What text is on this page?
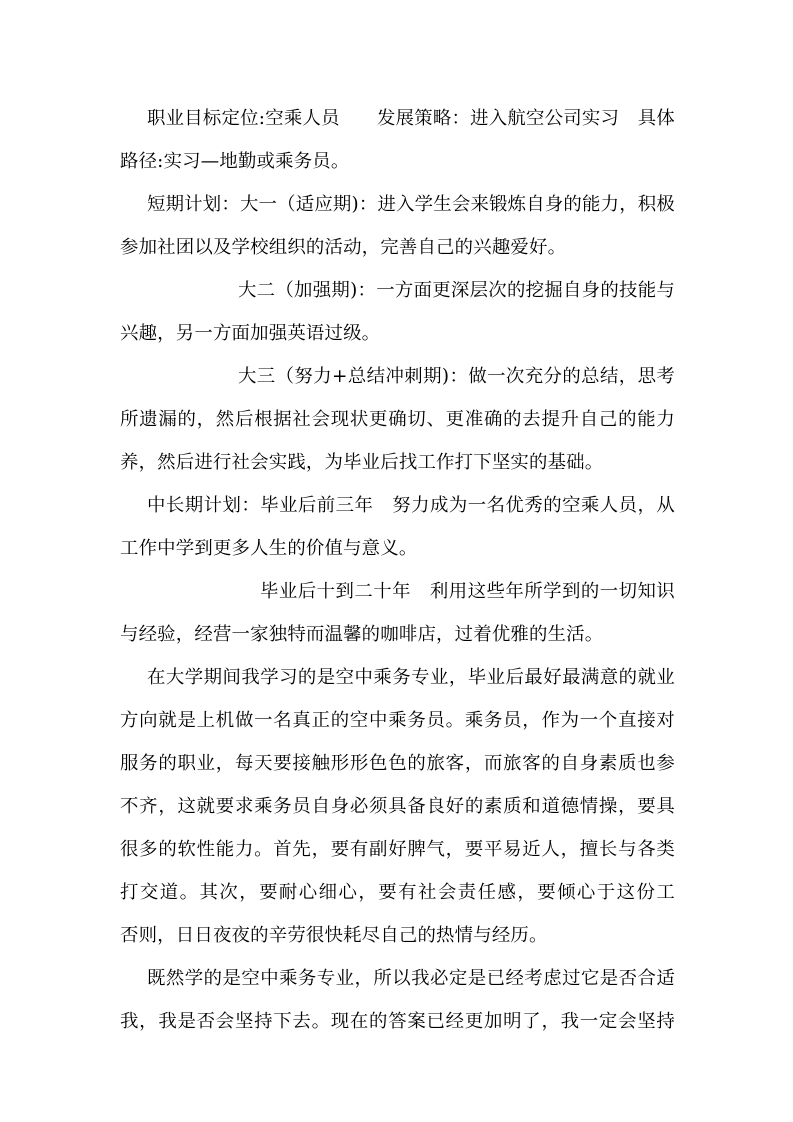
职业目标定位:空乘人员　　发展策略：进入航空公司实习　具体
路径:实习—地勤或乘务员。
短期计划：大一（适应期)：进入学生会来锻炼自身的能力，积极
参加社团以及学校组织的活动，完善自己的兴趣爱好。
大二（加强期)：一方面更深层次的挖掘自身的技能与
兴趣，另一方面加强英语过级。
大三（努力+总结冲刺期)：做一次充分的总结，思考
所遗漏的，然后根据社会现状更确切、更准确的去提升自己的能力
养，然后进行社会实践，为毕业后找工作打下坚实的基础。
中长期计划：毕业后前三年　努力成为一名优秀的空乘人员，从
工作中学到更多人生的价值与意义。
毕业后十到二十年　利用这些年所学到的一切知识
与经验，经营一家独特而温馨的咖啡店，过着优雅的生活。
在大学期间我学习的是空中乘务专业，毕业后最好最满意的就业
方向就是上机做一名真正的空中乘务员。乘务员，作为一个直接对
服务的职业，每天要接触形形色色的旅客，而旅客的自身素质也参
不齐，这就要求乘务员自身必须具备良好的素质和道德情操，要具
很多的软性能力。首先，要有副好脾气，要平易近人，擅长与各类
打交道。其次，要耐心细心，要有社会责任感，要倾心于这份工
否则，日日夜夜的辛劳很快耗尽自己的热情与经历。
既然学的是空中乘务专业，所以我必定是已经考虑过它是否合适
我，我是否会坚持下去。现在的答案已经更加明了，我一定会坚持
